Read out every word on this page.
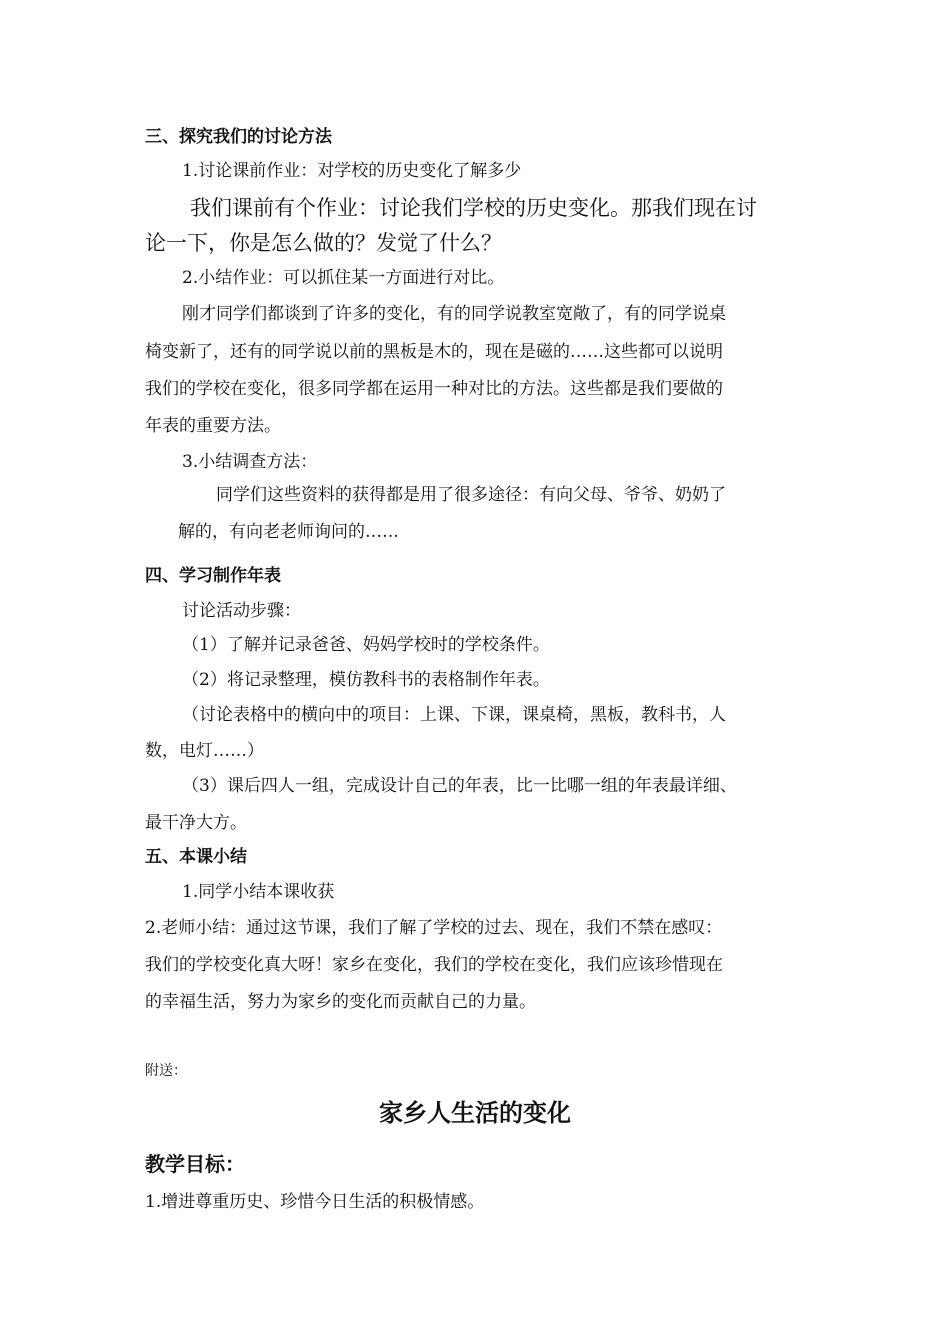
三、探究我们的讨论方法
1.讨论课前作业：对学校的历史变化了解多少
我们课前有个作业：讨论我们学校的历史变化。那我们现在讨
论一下，你是怎么做的？发觉了什么？
2.小结作业：可以抓住某一方面进行对比。
刚才同学们都谈到了许多的变化，有的同学说教室宽敞了，有的同学说桌
椅变新了，还有的同学说以前的黑板是木的，现在是磁的……这些都可以说明
我们的学校在变化，很多同学都在运用一种对比的方法。这些都是我们要做的
年表的重要方法。
3.小结调查方法：
同学们这些资料的获得都是用了很多途径：有向父母、爷爷、奶奶了
解的，有向老老师询问的……
四、学习制作年表
讨论活动步骤：
（1）了解并记录爸爸、妈妈学校时的学校条件。
（2）将记录整理，模仿教科书的表格制作年表。
（讨论表格中的横向中的项目：上课、下课，课桌椅，黑板，教科书，人
数，电灯……）
（3）课后四人一组，完成设计自己的年表，比一比哪一组的年表最详细、
最干净大方。
五、本课小结
1.同学小结本课收获
2.老师小结：通过这节课，我们了解了学校的过去、现在，我们不禁在感叹：
我们的学校变化真大呀！家乡在变化，我们的学校在变化，我们应该珍惜现在
的幸福生活，努力为家乡的变化而贡献自己的力量。
附送：
家乡人生活的变化
教学目标：
1.增进尊重历史、珍惜今日生活的积极情感。
